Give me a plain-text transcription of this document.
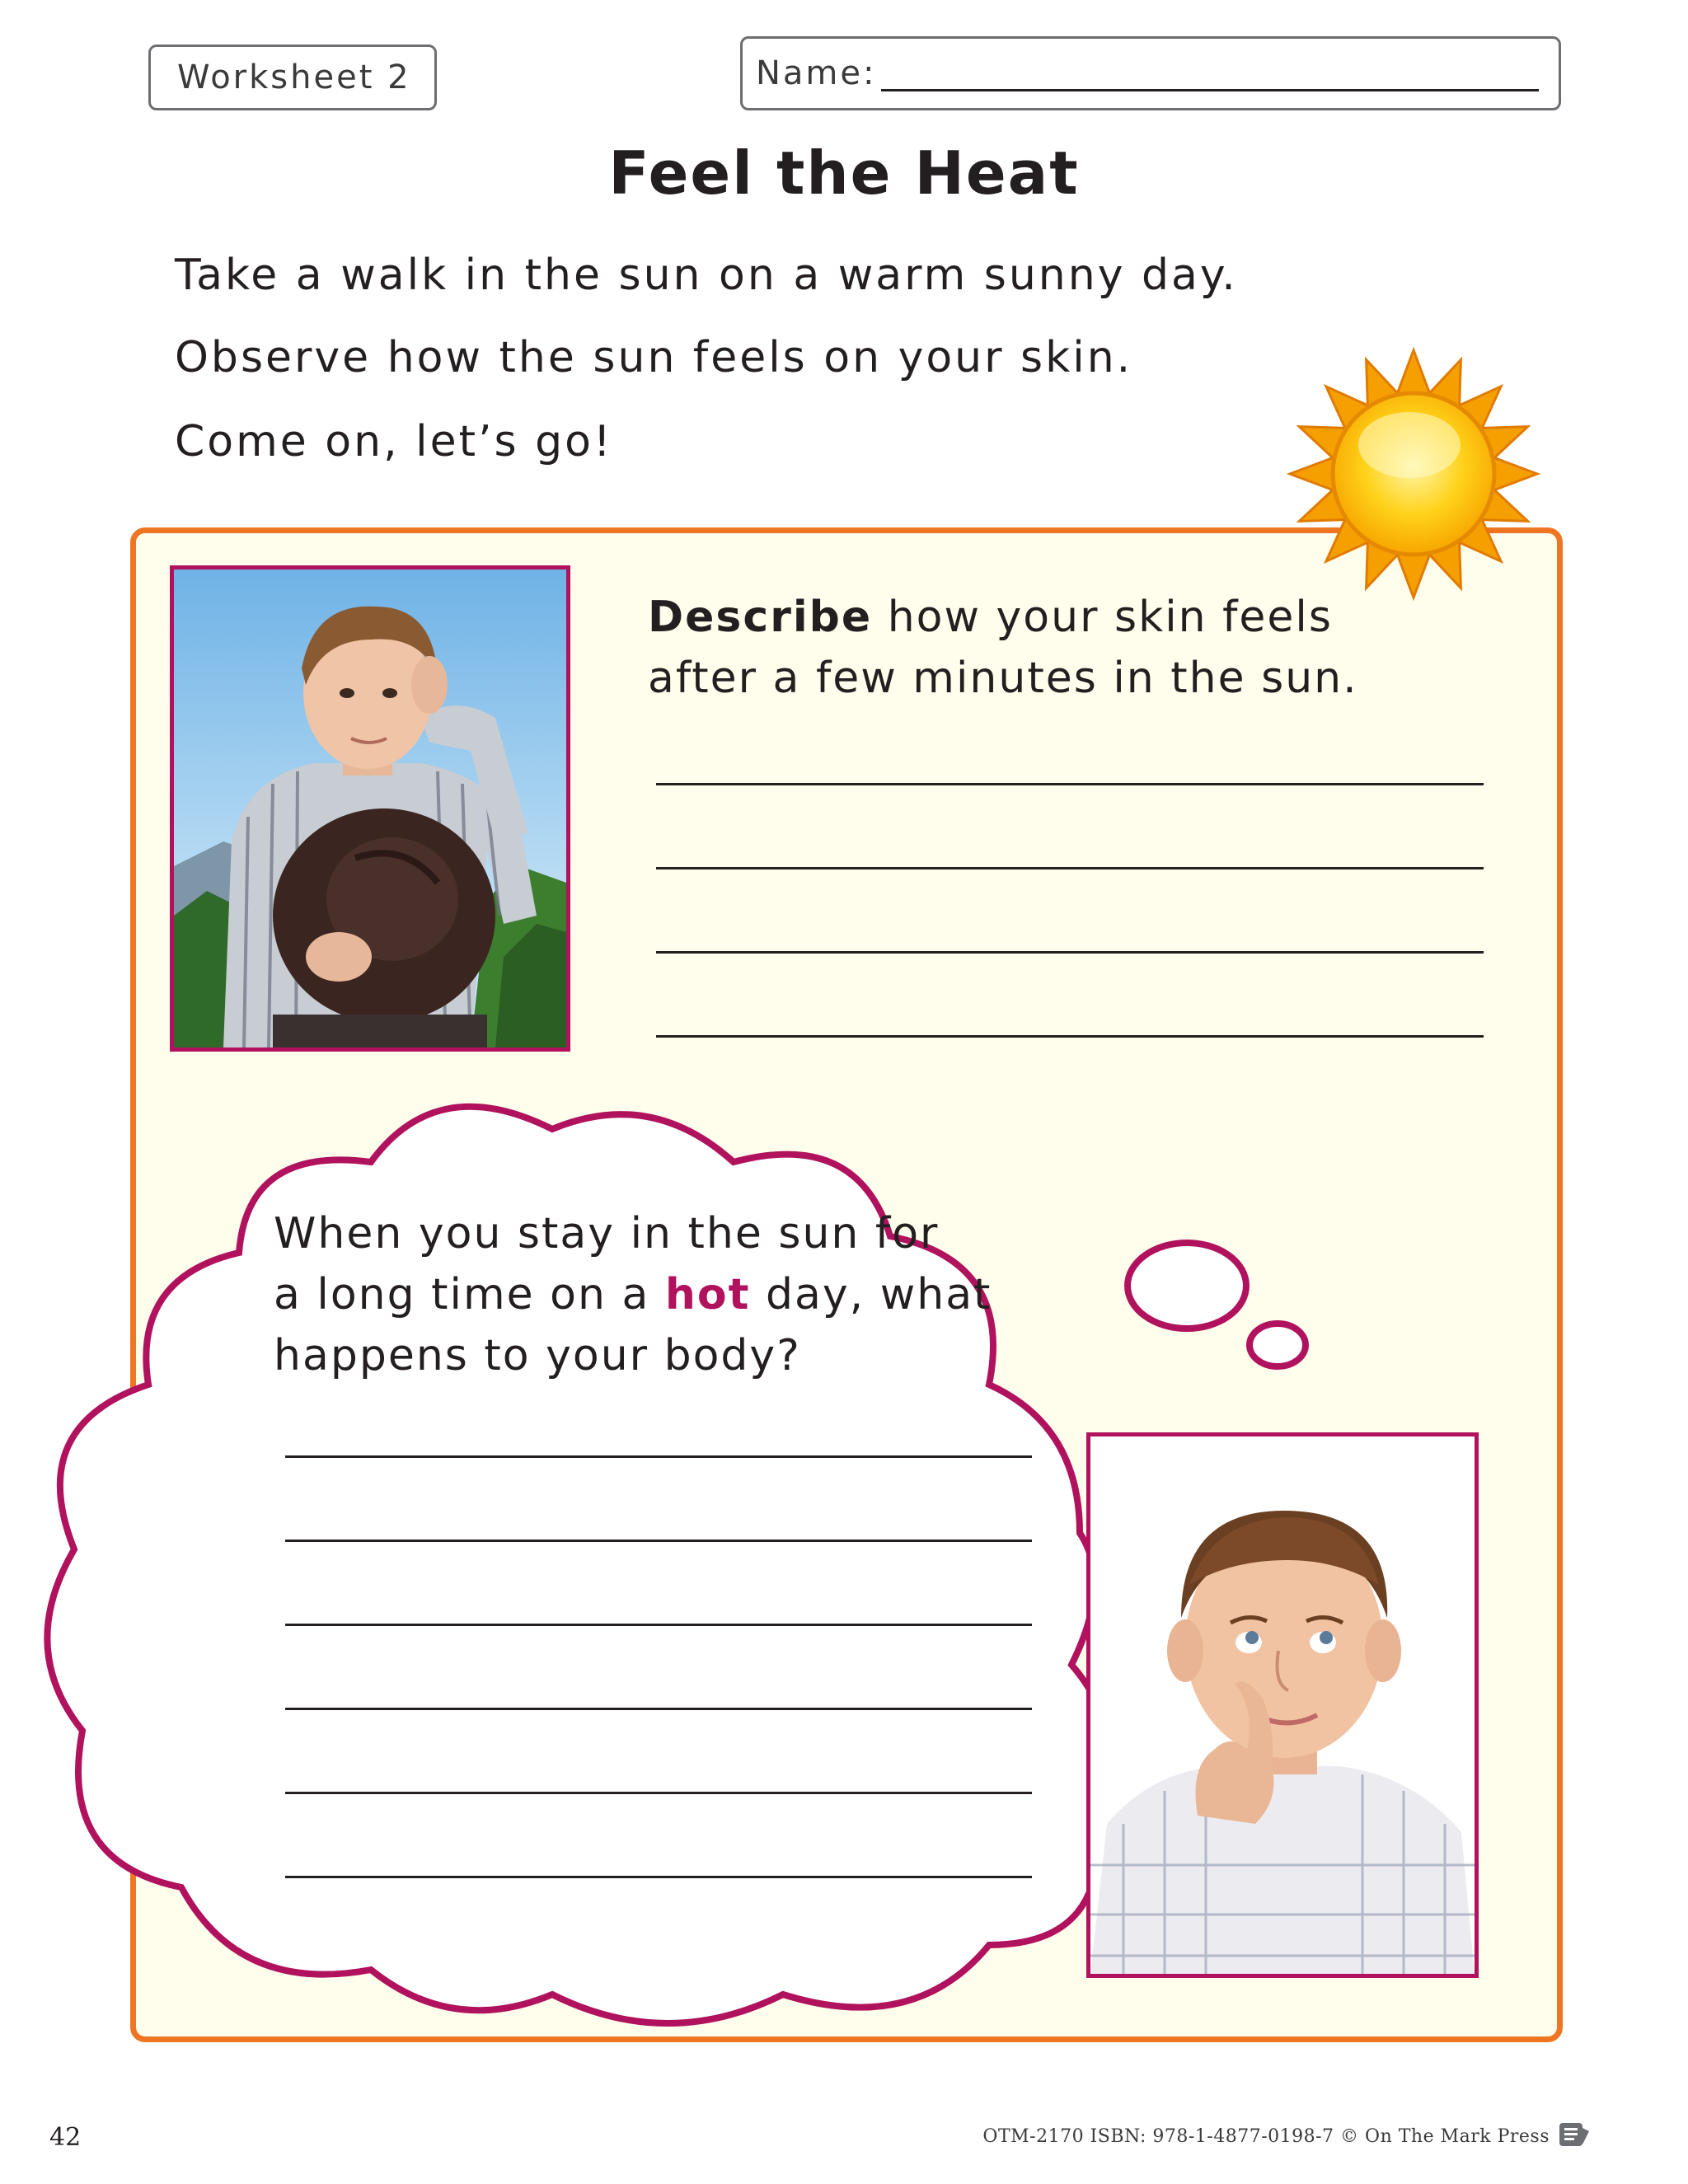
Worksheet 2	Name:
Feel the Heat

Take a walk in the sun on a warm sunny day.

Observe how the sun feels on your skin.

Come on, let’s go!

Describe how your skin feels
after a few minutes in the sun.

When you stay in the sun for
a long time on a hot day, what
happens to your body?

42	OTM-2170 ISBN: 978-1-4877-0198-7 © On The Mark Press
